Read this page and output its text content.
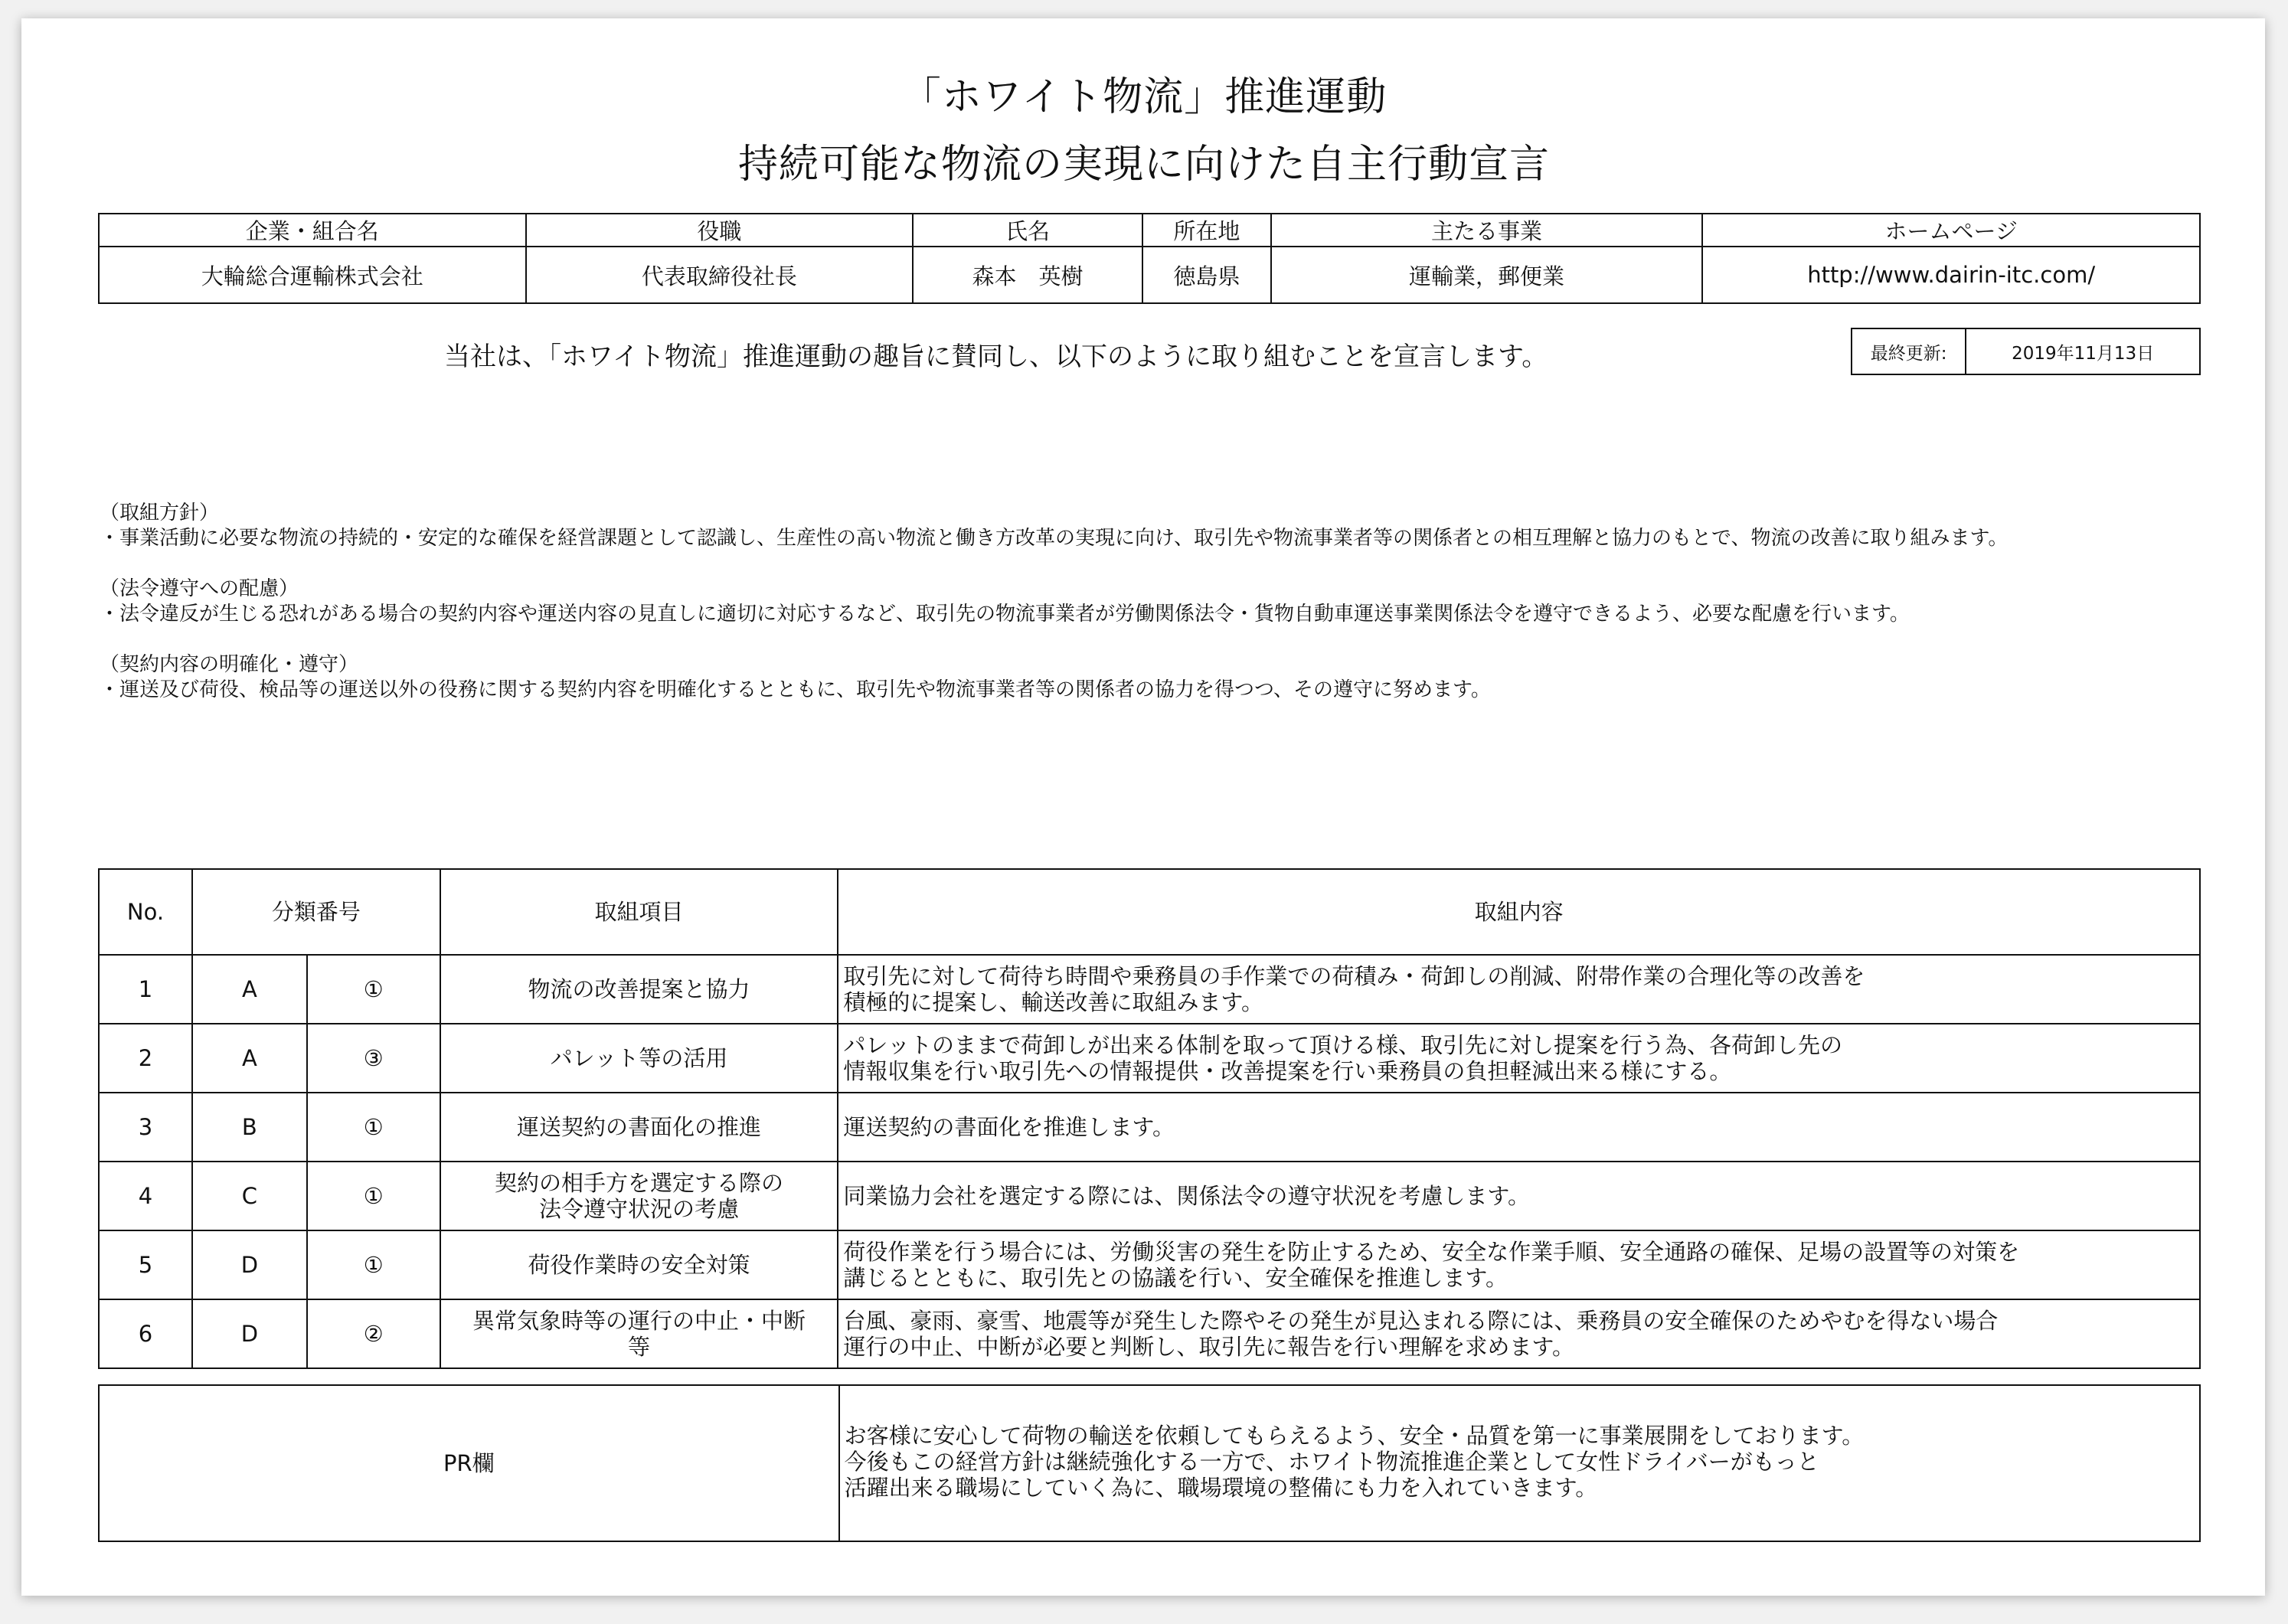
「ホワイト物流」推進運動
持続可能な物流の実現に向けた自主行動宣言
企業・組合名	役職	氏名	所在地	主たる事業	ホームページ
大輪総合運輸株式会社	代表取締役社長	森本　英樹	徳島県	運輸業，郵便業	http://www.dairin-itc.com/
当社は、「ホワイト物流」推進運動の趣旨に賛同し、以下のように取り組むことを宣言します。	最終更新:	2019年11月13日

（取組方針）
・事業活動に必要な物流の持続的・安定的な確保を経営課題として認識し、生産性の高い物流と働き方改革の実現に向け、取引先や物流事業者等の関係者との相互理解と協力のもとで、物流の改善に取り組みます。

（法令遵守への配慮）
・法令違反が生じる恐れがある場合の契約内容や運送内容の見直しに適切に対応するなど、取引先の物流事業者が労働関係法令・貨物自動車運送事業関係法令を遵守できるよう、必要な配慮を行います。

（契約内容の明確化・遵守）
・運送及び荷役、検品等の運送以外の役務に関する契約内容を明確化するとともに、取引先や物流事業者等の関係者の協力を得つつ、その遵守に努めます。

No.	分類番号		取組項目	取組内容
1	A	①	物流の改善提案と協力	取引先に対して荷待ち時間や乗務員の手作業での荷積み・荷卸しの削減、附帯作業の合理化等の改善を
積極的に提案し、輸送改善に取組みます。
2	A	③	パレット等の活用	パレットのままで荷卸しが出来る体制を取って頂ける様、取引先に対し提案を行う為、各荷卸し先の
情報収集を行い取引先への情報提供・改善提案を行い乗務員の負担軽減出来る様にする。
3	B	①	運送契約の書面化の推進	運送契約の書面化を推進します。
4	C	①	契約の相手方を選定する際の
法令遵守状況の考慮	同業協力会社を選定する際には、関係法令の遵守状況を考慮します。
5	D	①	荷役作業時の安全対策	荷役作業を行う場合には、労働災害の発生を防止するため、安全な作業手順、安全通路の確保、足場の設置等の対策を
講じるとともに、取引先との協議を行い、安全確保を推進します。
6	D	②	異常気象時等の運行の中止・中断
等	台風、豪雨、豪雪、地震等が発生した際やその発生が見込まれる際には、乗務員の安全確保のためやむを得ない場合
運行の中止、中断が必要と判断し、取引先に報告を行い理解を求めます。
PR欄	お客様に安心して荷物の輸送を依頼してもらえるよう、安全・品質を第一に事業展開をしております。
今後もこの経営方針は継続強化する一方で、ホワイト物流推進企業として女性ドライバーがもっと
活躍出来る職場にしていく為に、職場環境の整備にも力を入れていきます。
